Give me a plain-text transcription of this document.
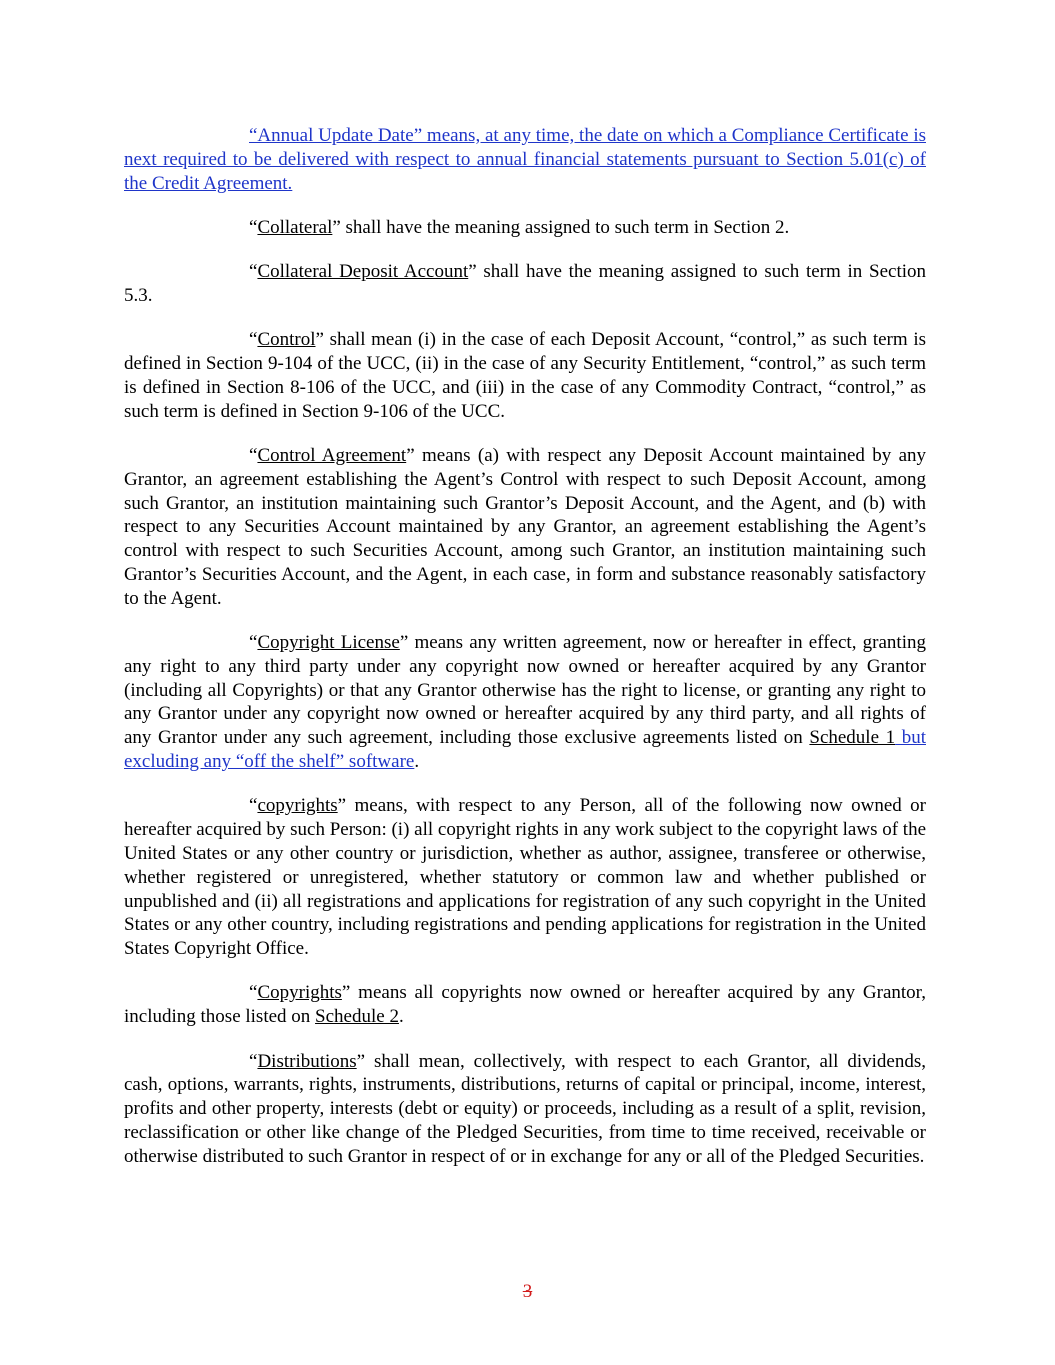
“Annual Update Date” means, at any time, the date on which a Compliance Certificate is next required to be delivered with respect to annual financial statements pursuant to Section 5.01(c) of the Credit Agreement.

“Collateral” shall have the meaning assigned to such term in Section 2.

“Collateral Deposit Account” shall have the meaning assigned to such term in Section 5.3.

“Control” shall mean (i) in the case of each Deposit Account, “control,” as such term is defined in Section 9-104 of the UCC, (ii) in the case of any Security Entitlement, “control,” as such term is defined in Section 8-106 of the UCC, and (iii) in the case of any Commodity Contract, “control,” as such term is defined in Section 9-106 of the UCC.

“Control Agreement” means (a) with respect any Deposit Account maintained by any Grantor, an agreement establishing the Agent’s Control with respect to such Deposit Account, among such Grantor, an institution maintaining such Grantor’s Deposit Account, and the Agent, and (b) with respect to any Securities Account maintained by any Grantor, an agreement establishing the Agent’s control with respect to such Securities Account, among such Grantor, an institution maintaining such Grantor’s Securities Account, and the Agent, in each case, in form and substance reasonably satisfactory to the Agent.

“Copyright License” means any written agreement, now or hereafter in effect, granting any right to any third party under any copyright now owned or hereafter acquired by any Grantor (including all Copyrights) or that any Grantor otherwise has the right to license, or granting any right to any Grantor under any copyright now owned or hereafter acquired by any third party, and all rights of any Grantor under any such agreement, including those exclusive agreements listed on Schedule 1 but excluding any “off the shelf” software.

“copyrights” means, with respect to any Person, all of the following now owned or hereafter acquired by such Person: (i) all copyright rights in any work subject to the copyright laws of the United States or any other country or jurisdiction, whether as author, assignee, transferee or otherwise, whether registered or unregistered, whether statutory or common law and whether published or unpublished and (ii) all registrations and applications for registration of any such copyright in the United States or any other country, including registrations and pending applications for registration in the United States Copyright Office.

“Copyrights” means all copyrights now owned or hereafter acquired by any Grantor, including those listed on Schedule 2.

“Distributions” shall mean, collectively, with respect to each Grantor, all dividends, cash, options, warrants, rights, instruments, distributions, returns of capital or principal, income, interest, profits and other property, interests (debt or equity) or proceeds, including as a result of a split, revision, reclassification or other like change of the Pledged Securities, from time to time received, receivable or otherwise distributed to such Grantor in respect of or in exchange for any or all of the Pledged Securities.

3
